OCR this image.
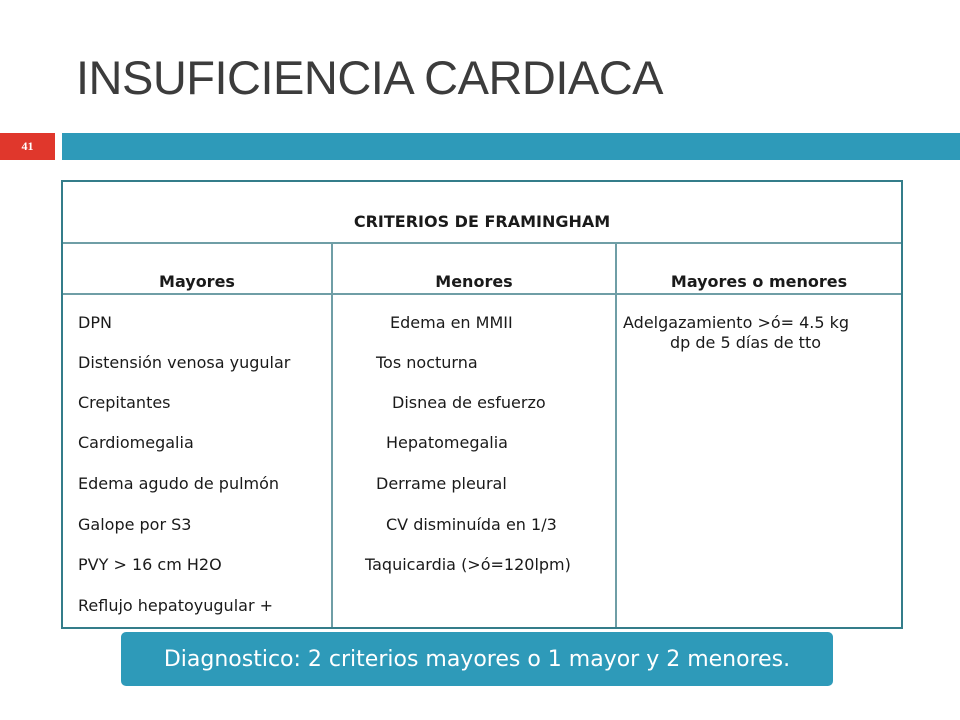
INSUFICIENCIA CARDIACA
41
CRITERIOS DE FRAMINGHAM
Mayores	Menores	Mayores o menores
DPN
Distensión venosa yugular
Crepitantes
Cardiomegalia
Edema agudo de pulmón
Galope por S3
PVY > 16 cm H2O
Reflujo hepatoyugular +
Edema en MMII
Tos nocturna
Disnea de esfuerzo
Hepatomegalia
Derrame pleural
CV disminuída en 1/3
Taquicardia (>ó=120lpm)
Adelgazamiento >ó= 4.5 kg
dp de 5 días de tto
Diagnostico: 2 criterios mayores o 1 mayor y 2 menores.
